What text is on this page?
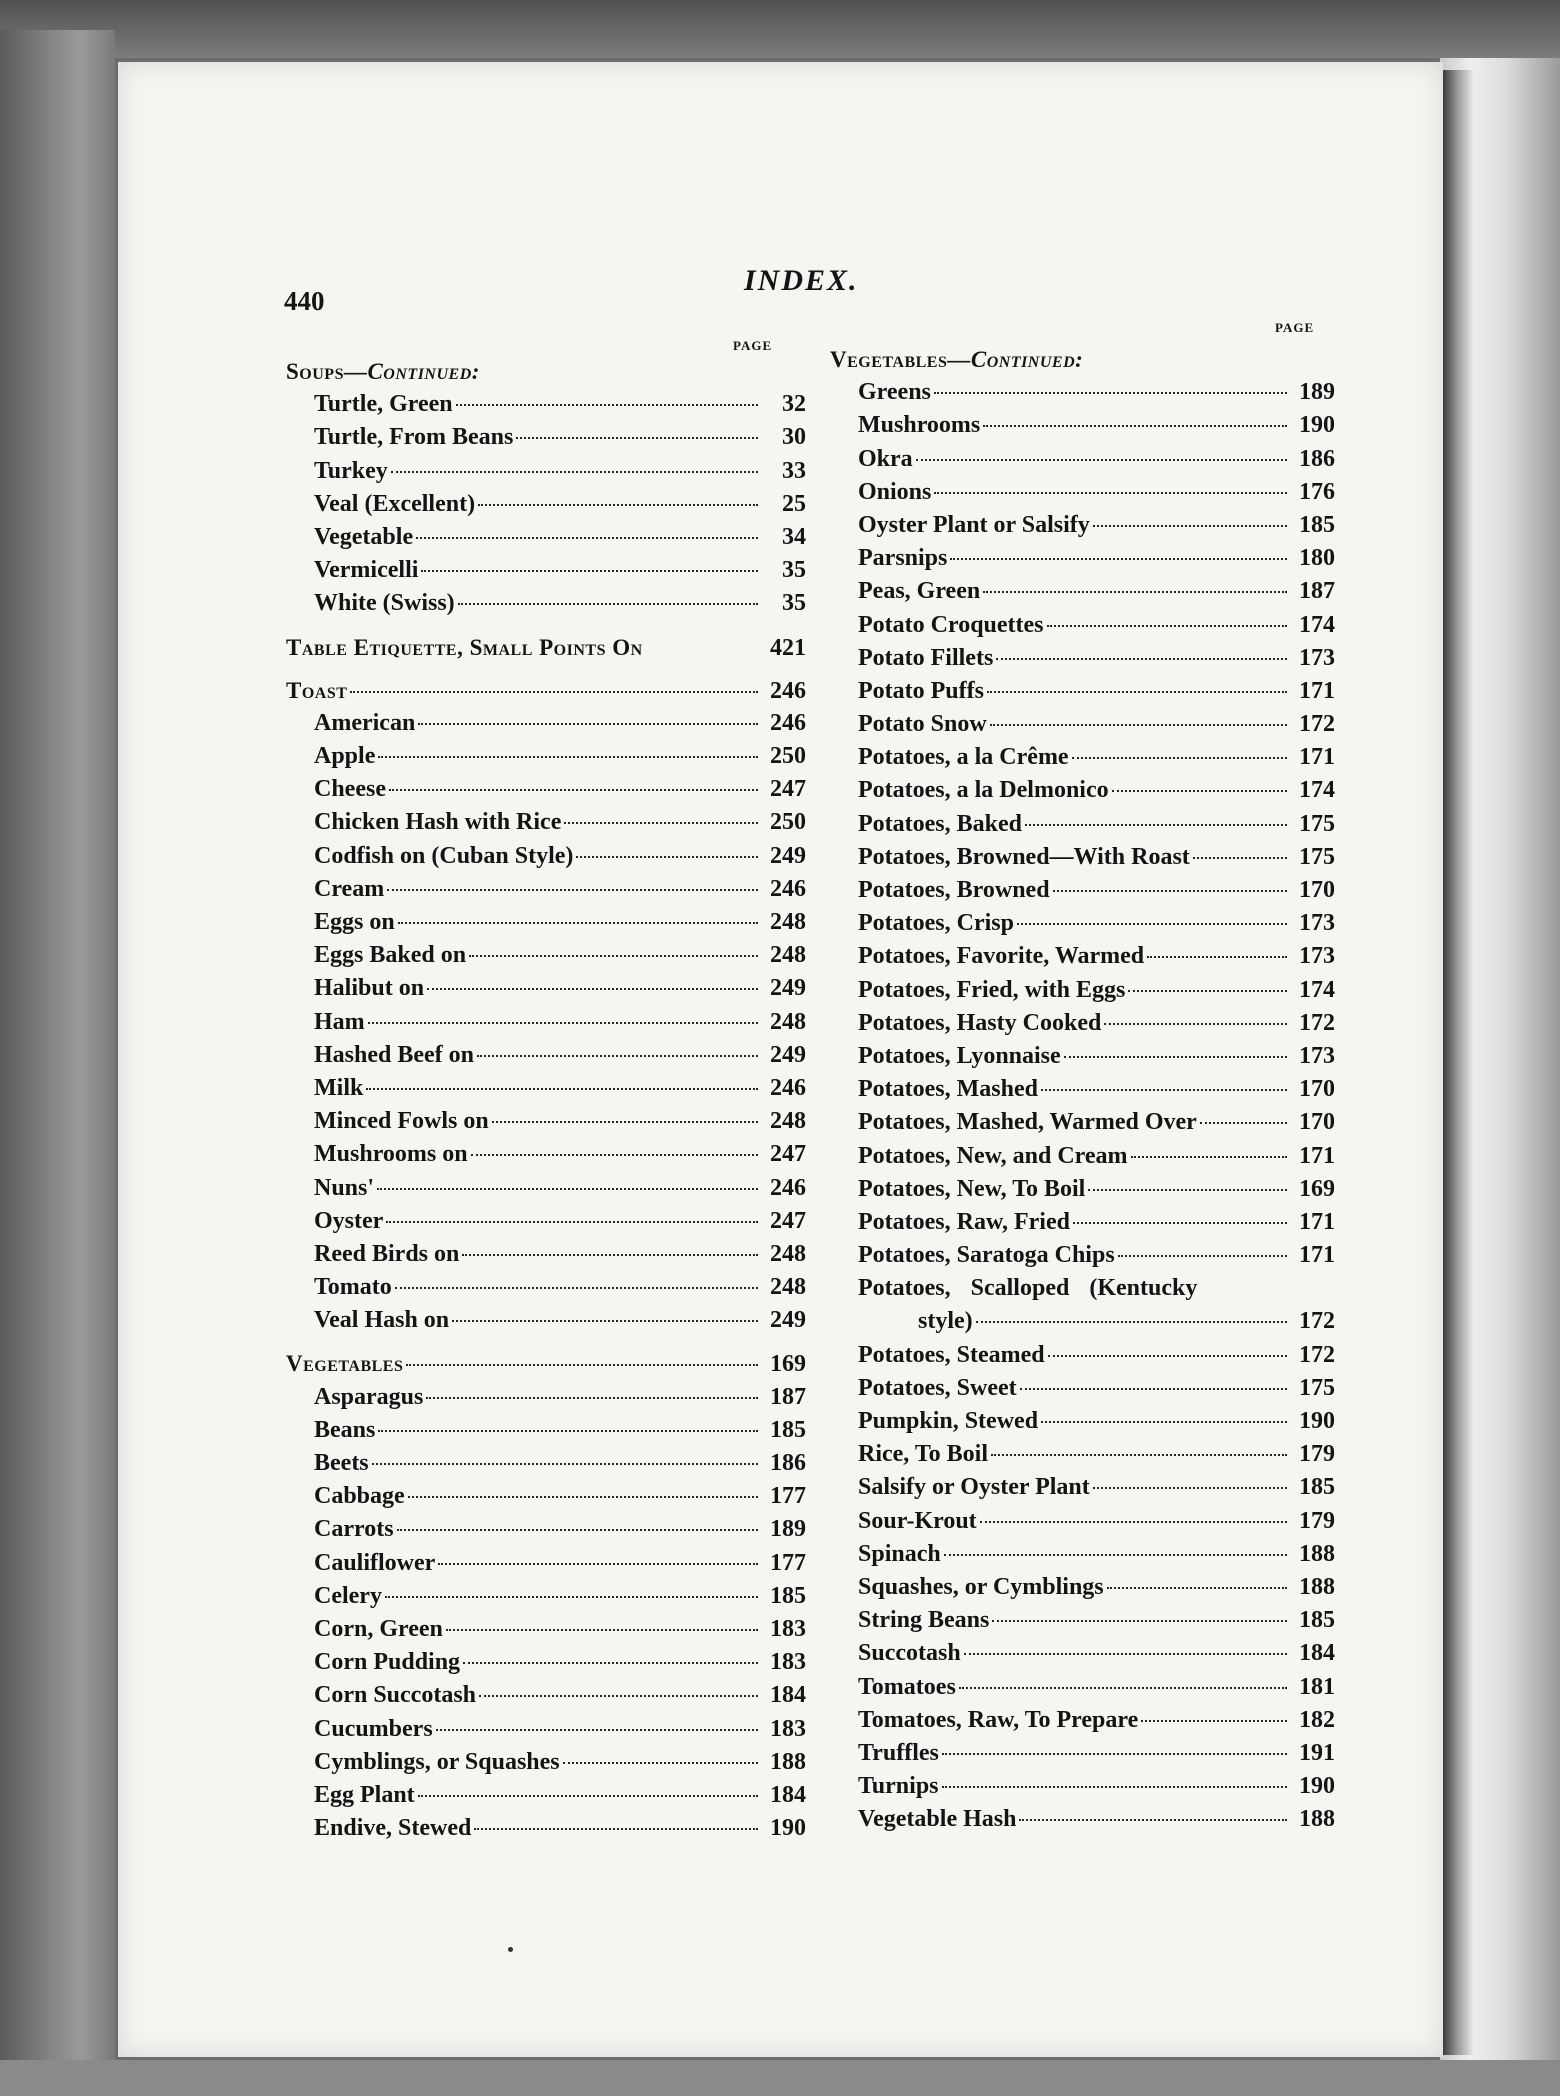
440
INDEX.
PAGE
PAGE
Soups—Continued:
Turtle, Green	32
Turtle, From Beans	30
Turkey	33
Veal (Excellent)	25
Vegetable	34
Vermicelli	35
White (Swiss)	35
Table Etiquette, Small Points On	421
Toast	246
American	246
Apple	250
Cheese	247
Chicken Hash with Rice	250
Codfish on (Cuban Style)	249
Cream	246
Eggs on	248
Eggs Baked on	248
Halibut on	249
Ham	248
Hashed Beef on	249
Milk	246
Minced Fowls on	248
Mushrooms on	247
Nuns'	246
Oyster	247
Reed Birds on	248
Tomato	248
Veal Hash on	249
Vegetables	169
Asparagus	187
Beans	185
Beets	186
Cabbage	177
Carrots	189
Cauliflower	177
Celery	185
Corn, Green	183
Corn Pudding	183
Corn Succotash	184
Cucumbers	183
Cymblings, or Squashes	188
Egg Plant	184
Endive, Stewed	190
Vegetables—Continued:
Greens	189
Mushrooms	190
Okra	186
Onions	176
Oyster Plant or Salsify	185
Parsnips	180
Peas, Green	187
Potato Croquettes	174
Potato Fillets	173
Potato Puffs	171
Potato Snow	172
Potatoes, a la Crême	171
Potatoes, a la Delmonico	174
Potatoes, Baked	175
Potatoes, Browned—With Roast	175
Potatoes, Browned	170
Potatoes, Crisp	173
Potatoes, Favorite, Warmed	173
Potatoes, Fried, with Eggs	174
Potatoes, Hasty Cooked	172
Potatoes, Lyonnaise	173
Potatoes, Mashed	170
Potatoes, Mashed, Warmed Over	170
Potatoes, New, and Cream	171
Potatoes, New, To Boil	169
Potatoes, Raw, Fried	171
Potatoes, Saratoga Chips	171
Potatoes, Scalloped (Kentucky
style)	172
Potatoes, Steamed	172
Potatoes, Sweet	175
Pumpkin, Stewed	190
Rice, To Boil	179
Salsify or Oyster Plant	185
Sour-Krout	179
Spinach	188
Squashes, or Cymblings	188
String Beans	185
Succotash	184
Tomatoes	181
Tomatoes, Raw, To Prepare	182
Truffles	191
Turnips	190
Vegetable Hash	188
